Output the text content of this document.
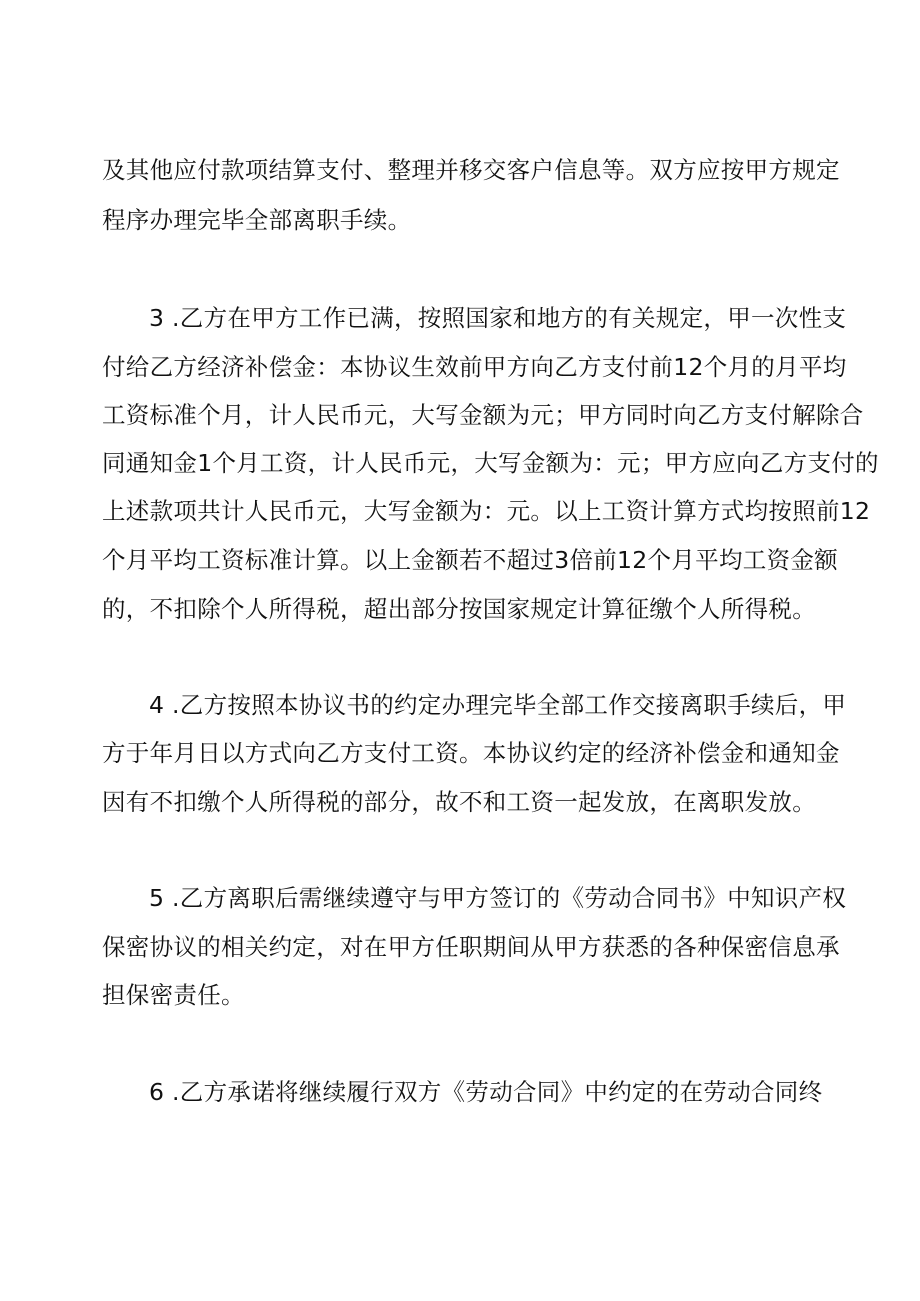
及其他应付款项结算支付、整理并移交客户信息等。双方应按甲方规定
程序办理完毕全部离职手续。
3 .乙方在甲方工作已满，按照国家和地方的有关规定，甲一次性支
付给乙方经济补偿金：本协议生效前甲方向乙方支付前12个月的月平均
工资标准个月，计人民币元，大写金额为元；甲方同时向乙方支付解除合
同通知金1个月工资，计人民币元，大写金额为：元；甲方应向乙方支付的
上述款项共计人民币元，大写金额为：元。以上工资计算方式均按照前12
个月平均工资标准计算。以上金额若不超过3倍前12个月平均工资金额
的，不扣除个人所得税，超出部分按国家规定计算征缴个人所得税。
4 .乙方按照本协议书的约定办理完毕全部工作交接离职手续后，甲
方于年月日以方式向乙方支付工资。本协议约定的经济补偿金和通知金
因有不扣缴个人所得税的部分，故不和工资一起发放，在离职发放。
5 .乙方离职后需继续遵守与甲方签订的《劳动合同书》中知识产权
保密协议的相关约定，对在甲方任职期间从甲方获悉的各种保密信息承
担保密责任。
6 .乙方承诺将继续履行双方《劳动合同》中约定的在劳动合同终
